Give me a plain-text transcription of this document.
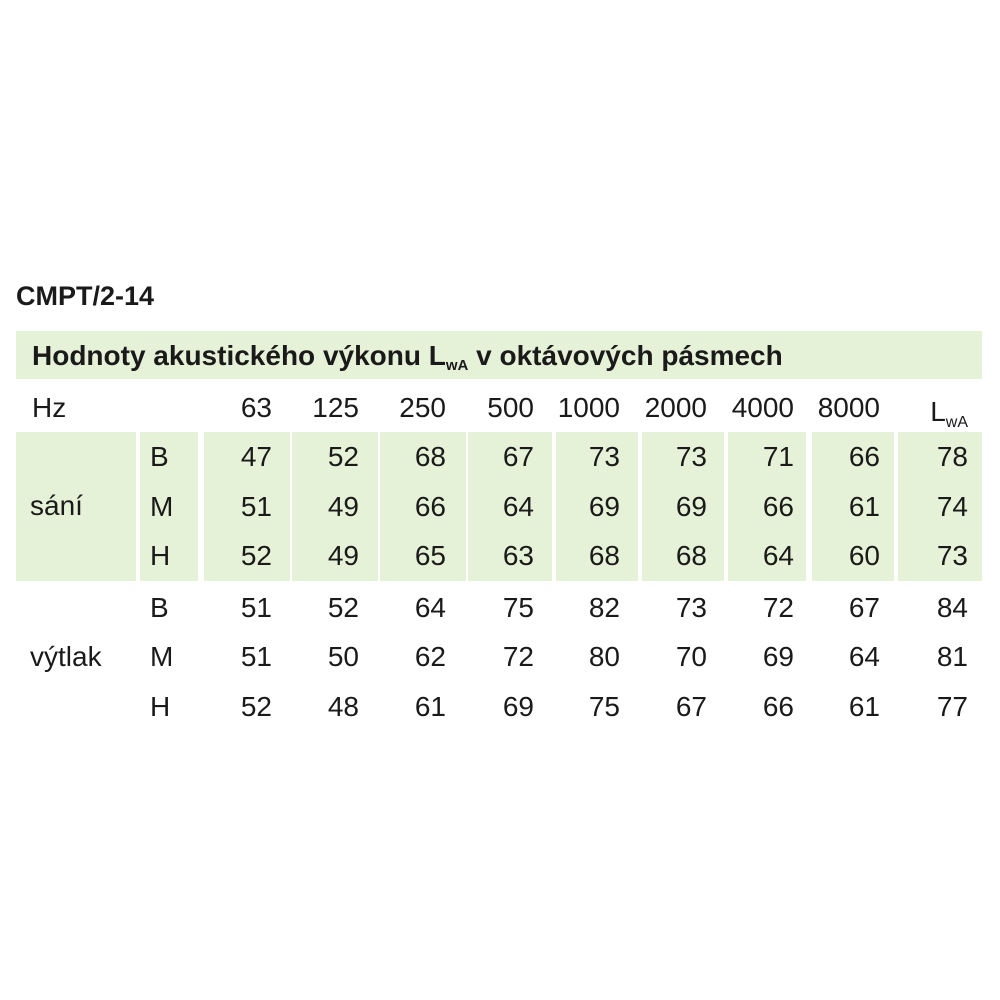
CMPT/2-14
Hodnoty akustického výkonu $L_{wA}$ v oktávových pásmech
Hz	63	125	250	500 1000 2000 4000 8000	$L_{wA}$
sání
B	47	52	68	67	73	73	71	66	78
M	51	49	66	64	69	69	66	61	74
H	52	49	65	63	68	68	64	60	73
výtlak
B	51	52	64	75	82	73	72	67	84
M	51	50	62	72	80	70	69	64	81
H	52	48	61	69	75	67	66	61	77
